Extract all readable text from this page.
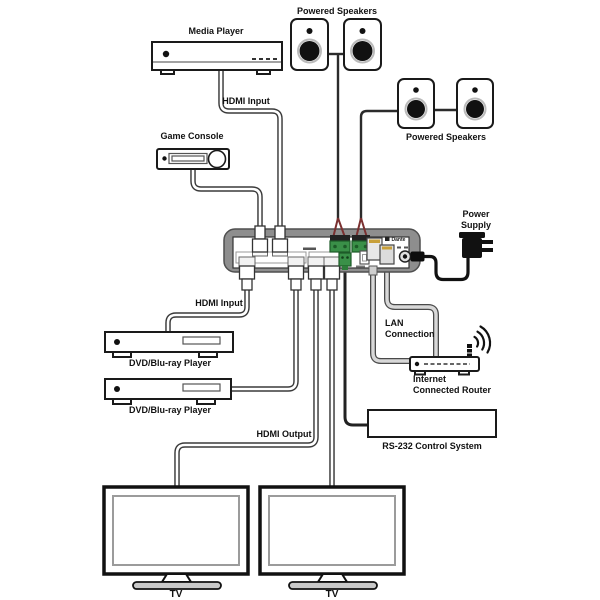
Dante
Powered Speakers
Media Player
HDMI Input
Game Console	Powered Speakers
Power
Supply
HDMI Input
DVD/Blu-ray Player
DVD/Blu-ray Player
LAN
Connection
Internet
Connected Router
RS-232 Control System
HDMI Output
TV	TV
